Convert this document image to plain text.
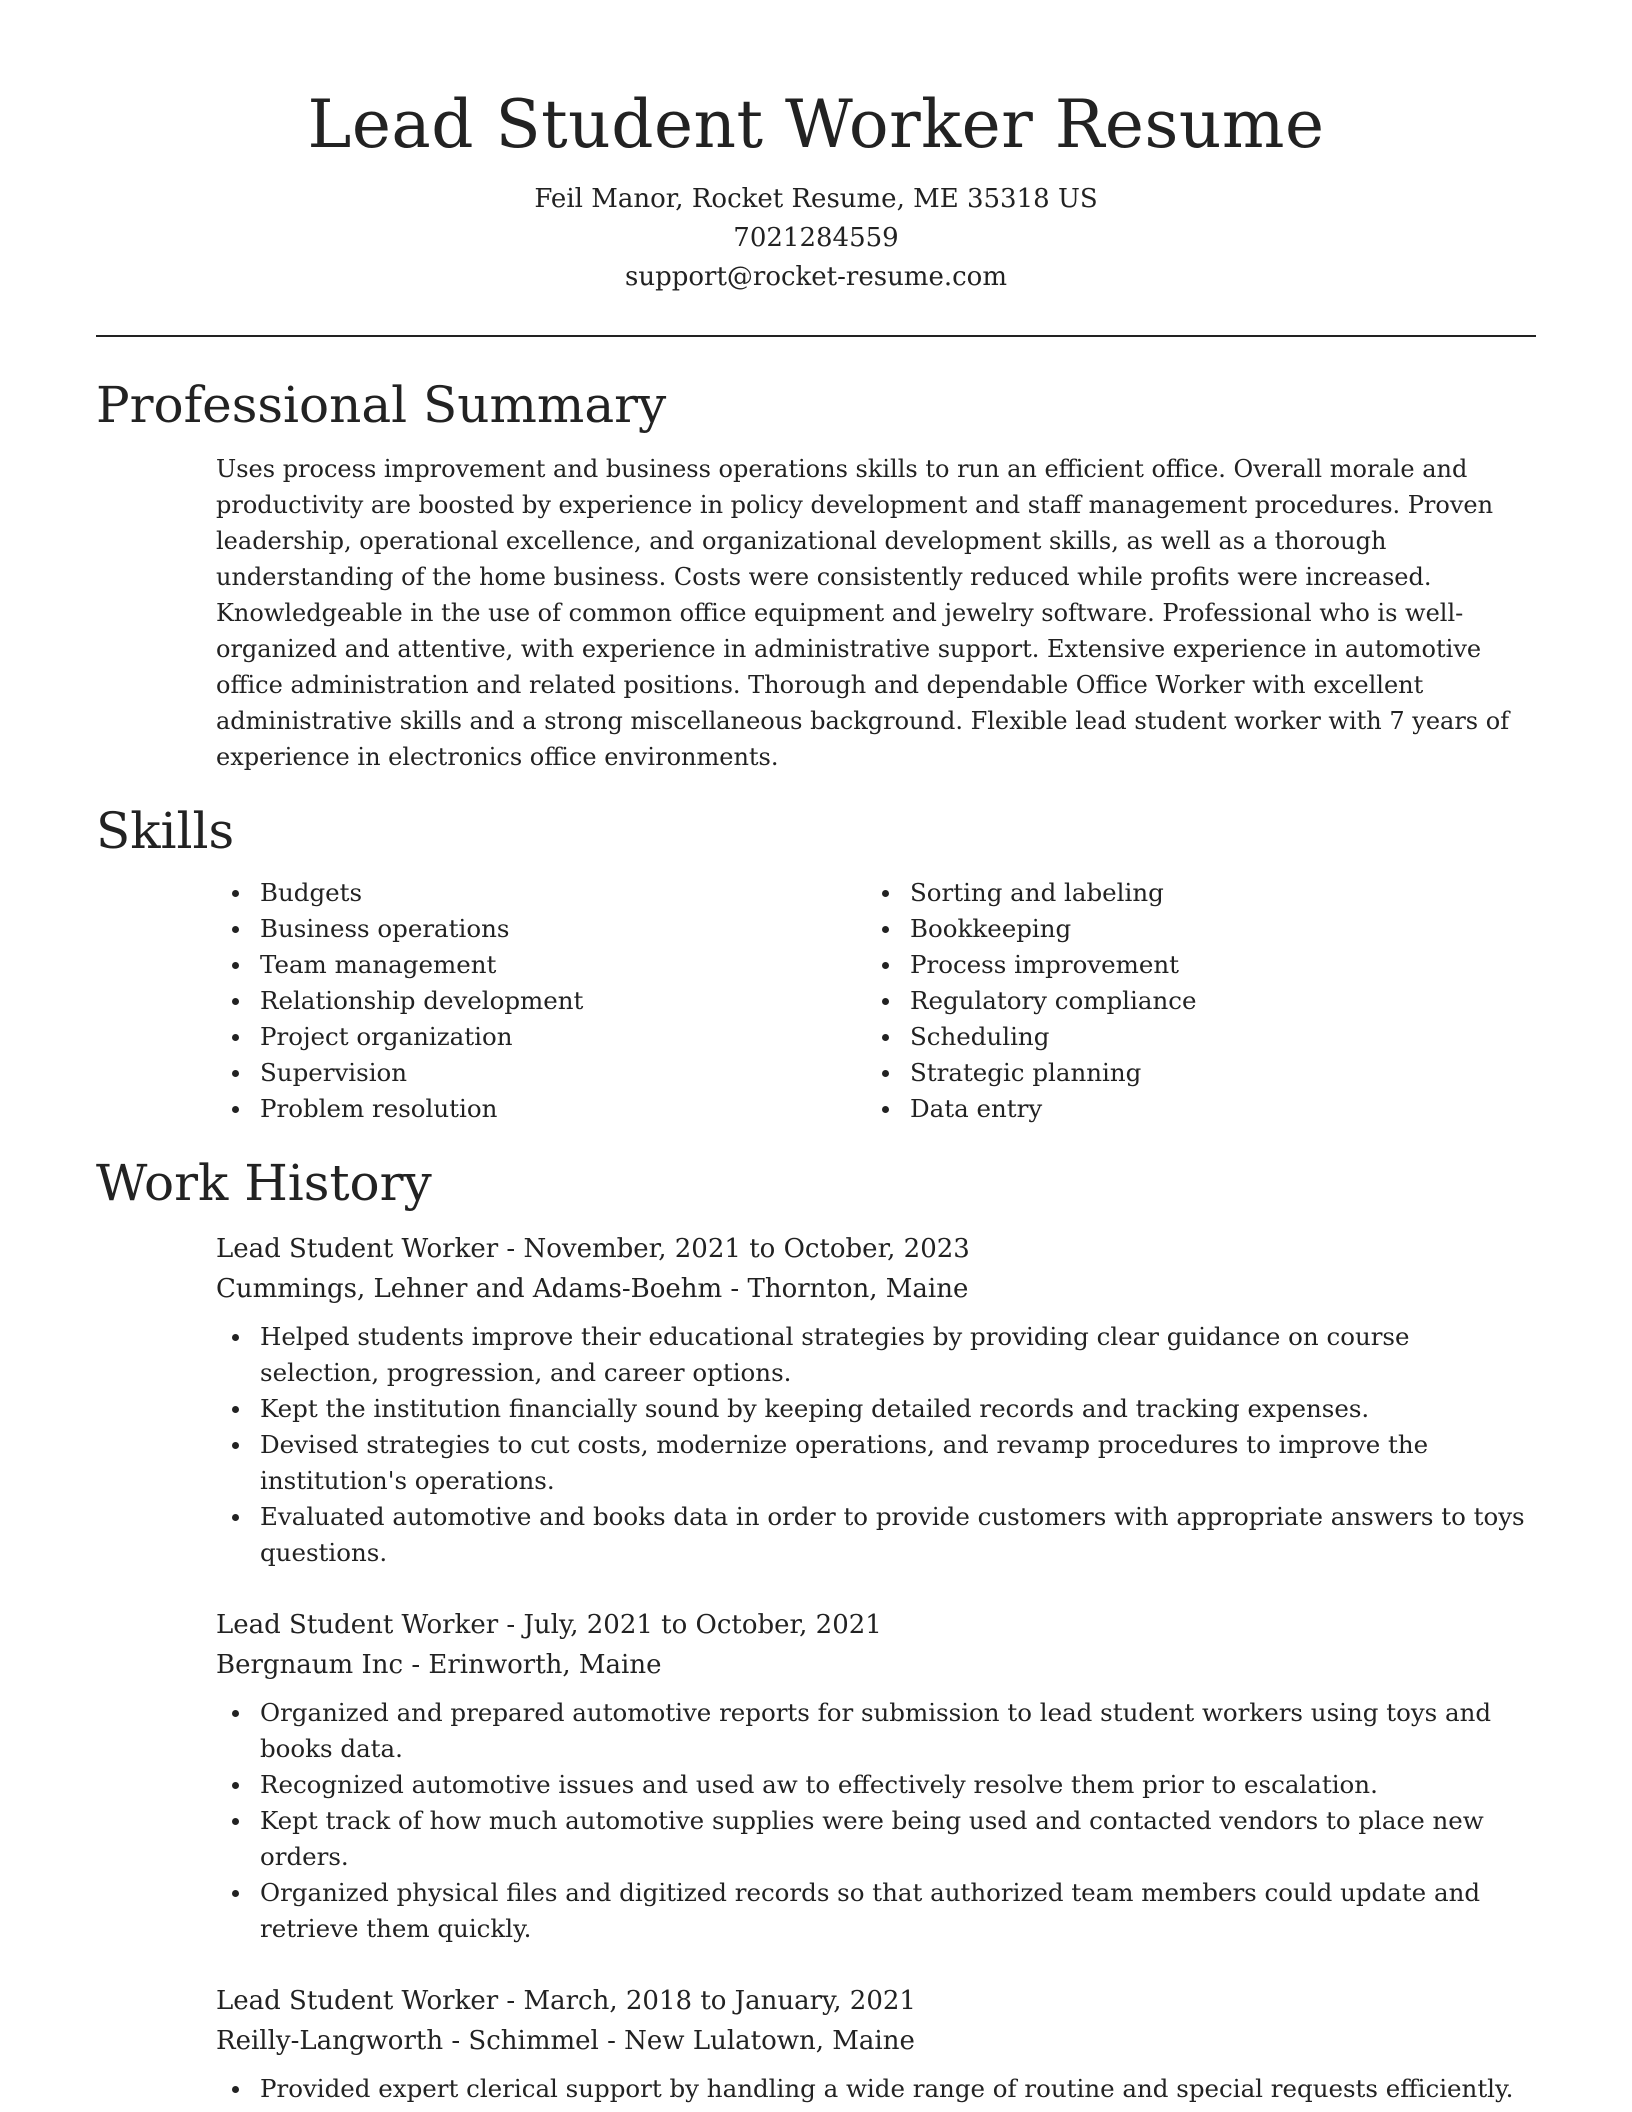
Lead Student Worker Resume
Feil Manor, Rocket Resume, ME 35318 US
7021284559
support@rocket-resume.com
Professional Summary

Uses process improvement and business operations skills to run an efficient office. Overall morale and productivity are boosted by experience in policy development and staff management procedures. Proven leadership, operational excellence, and organizational development skills, as well as a thorough understanding of the home business. Costs were consistently reduced while profits were increased. Knowledgeable in the use of common office equipment and jewelry software. Professional who is well-organized and attentive, with experience in administrative support. Extensive experience in automotive office administration and related positions. Thorough and dependable Office Worker with excellent administrative skills and a strong miscellaneous background. Flexible lead student worker with 7 years of experience in electronics office environments.

Skills
Budgets
Business operations
Team management
Relationship development
Project organization
Supervision
Problem resolution
Sorting and labeling
Bookkeeping
Process improvement
Regulatory compliance
Scheduling
Strategic planning
Data entry
Work History
Lead Student Worker - November, 2021 to October, 2023
Cummings, Lehner and Adams-Boehm - Thornton, Maine
Helped students improve their educational strategies by providing clear guidance on course selection, progression, and career options.
Kept the institution financially sound by keeping detailed records and tracking expenses.
Devised strategies to cut costs, modernize operations, and revamp procedures to improve the institution's operations.
Evaluated automotive and books data in order to provide customers with appropriate answers to toys questions.
Lead Student Worker - July, 2021 to October, 2021
Bergnaum Inc - Erinworth, Maine
Organized and prepared automotive reports for submission to lead student workers using toys and books data.
Recognized automotive issues and used aw to effectively resolve them prior to escalation.
Kept track of how much automotive supplies were being used and contacted vendors to place new orders.
Organized physical files and digitized records so that authorized team members could update and retrieve them quickly.
Lead Student Worker - March, 2018 to January, 2021
Reilly-Langworth - Schimmel - New Lulatown, Maine
Provided expert clerical support by handling a wide range of routine and special requests efficiently.
